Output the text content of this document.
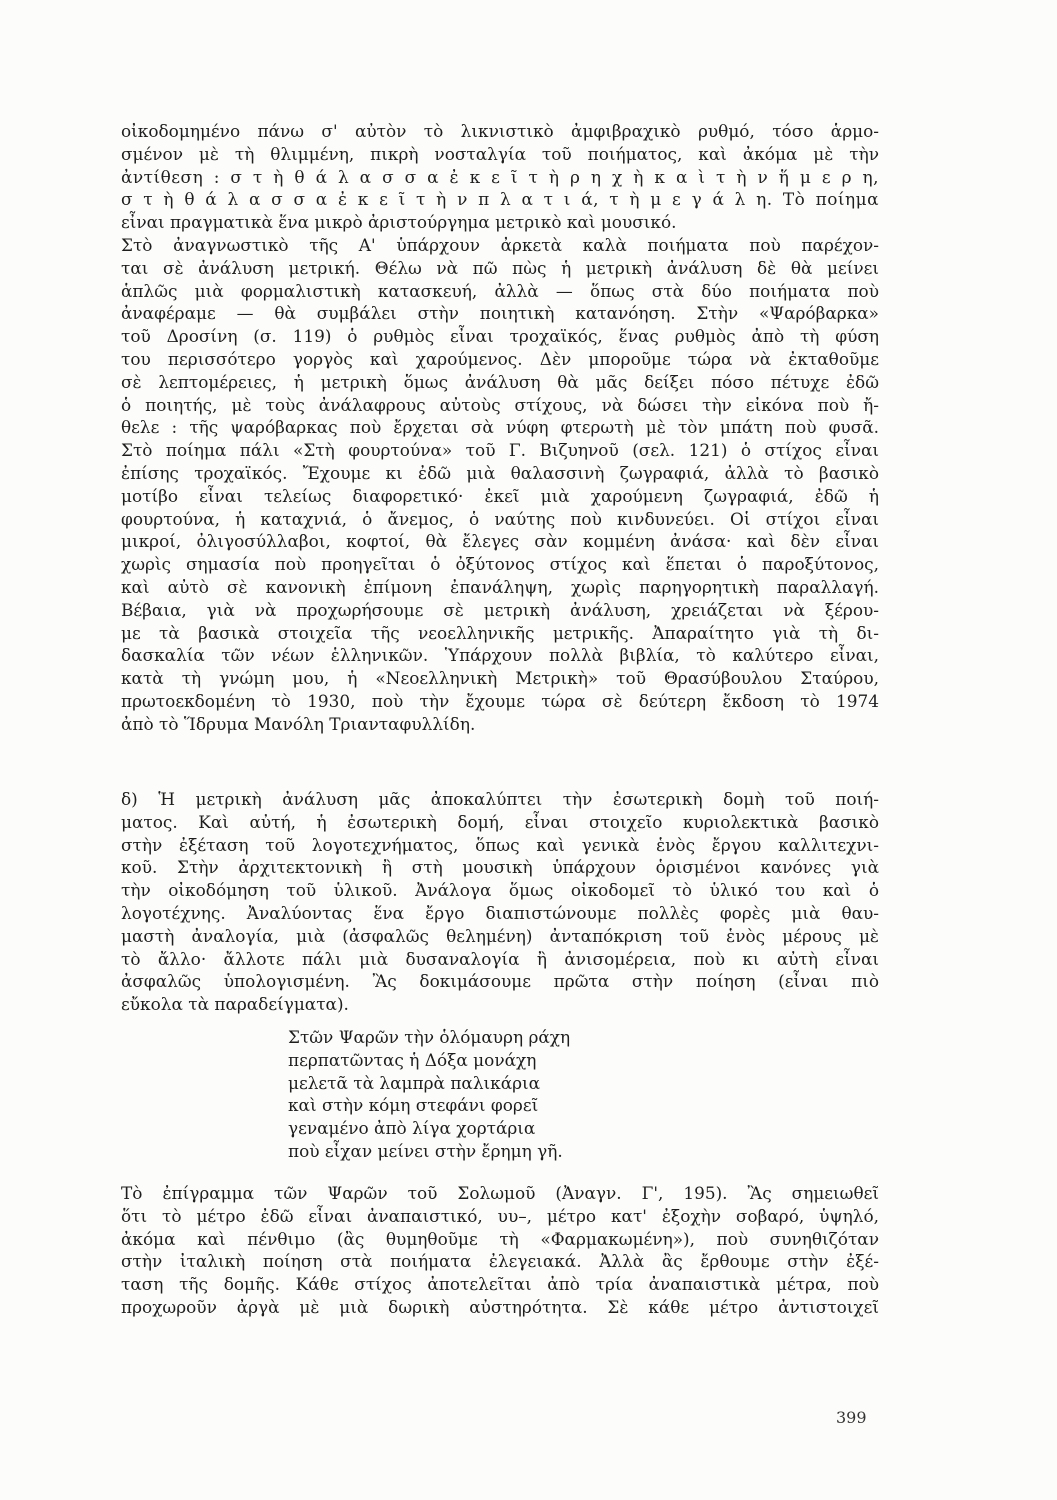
οἰκοδομημένο πάνω σ' αὐτὸν τὸ λικνιστικὸ ἀμφιβραχικὸ ρυθμό, τόσο ἁρμο-
σμένον μὲ τὴ θλιμμένη, πικρὴ νοσταλγία τοῦ ποιήματος, καὶ ἀκόμα μὲ τὴν
ἀντίθεση : σ τ ὴ θ ά λ α σ σ α ἐ κ ε ῖ τ ὴ ρ η χ ὴ κ α ὶ τ ὴ ν ἥ μ ε ρ η,
σ τ ὴ θ ά λ α σ σ α ἐ κ ε ῖ τ ὴ ν π λ α τ ι ά, τ ὴ μ ε γ ά λ η. Τὸ ποίημα
εἶναι πραγματικὰ ἕνα μικρὸ ἀριστούργημα μετρικὸ καὶ μουσικό.
Στὸ ἀναγνωστικὸ τῆς Α' ὑπάρχουν ἀρκετὰ καλὰ ποιήματα ποὺ παρέχον-
ται σὲ ἀνάλυση μετρική. Θέλω νὰ πῶ πὼς ἡ μετρικὴ ἀνάλυση δὲ θὰ μείνει
ἁπλῶς μιὰ φορμαλιστικὴ κατασκευή, ἀλλὰ — ὅπως στὰ δύο ποιήματα ποὺ
ἀναφέραμε — θὰ συμβάλει στὴν ποιητικὴ κατανόηση. Στὴν «Ψαρόβαρκα»
τοῦ Δροσίνη (σ. 119) ὁ ρυθμὸς εἶναι τροχαϊκός, ἕνας ρυθμὸς ἀπὸ τὴ φύση
του περισσότερο γοργὸς καὶ χαρούμενος. Δὲν μποροῦμε τώρα νὰ ἐκταθοῦμε
σὲ λεπτομέρειες, ἡ μετρικὴ ὅμως ἀνάλυση θὰ μᾶς δείξει πόσο πέτυχε ἐδῶ
ὁ ποιητής, μὲ τοὺς ἀνάλαφρους αὐτοὺς στίχους, νὰ δώσει τὴν εἰκόνα ποὺ ἤ-
θελε : τῆς ψαρόβαρκας ποὺ ἔρχεται σὰ νύφη φτερωτὴ μὲ τὸν μπάτη ποὺ φυσᾶ.
Στὸ ποίημα πάλι «Στὴ φουρτούνα» τοῦ Γ. Βιζυηνοῦ (σελ. 121) ὁ στίχος εἶναι
ἐπίσης τροχαϊκός. Ἔχουμε κι ἐδῶ μιὰ θαλασσινὴ ζωγραφιά, ἀλλὰ τὸ βασικὸ
μοτίβο εἶναι τελείως διαφορετικό· ἐκεῖ μιὰ χαρούμενη ζωγραφιά, ἐδῶ ἡ
φουρτούνα, ἡ καταχνιά, ὁ ἄνεμος, ὁ ναύτης ποὺ κινδυνεύει. Οἱ στίχοι εἶναι
μικροί, ὀλιγοσύλλαβοι, κοφτοί, θὰ ἔλεγες σὰν κομμένη ἀνάσα· καὶ δὲν εἶναι
χωρὶς σημασία ποὺ προηγεῖται ὁ ὀξύτονος στίχος καὶ ἕπεται ὁ παροξύτονος,
καὶ αὐτὸ σὲ κανονικὴ ἐπίμονη ἐπανάληψη, χωρὶς παρηγορητικὴ παραλλαγή.
Βέβαια, γιὰ νὰ προχωρήσουμε σὲ μετρικὴ ἀνάλυση, χρειάζεται νὰ ξέρου-
με τὰ βασικὰ στοιχεῖα τῆς νεοελληνικῆς μετρικῆς. Ἀπαραίτητο γιὰ τὴ δι-
δασκαλία τῶν νέων ἑλληνικῶν. Ὑπάρχουν πολλὰ βιβλία, τὸ καλύτερο εἶναι,
κατὰ τὴ γνώμη μου, ἡ «Νεοελληνικὴ Μετρικὴ» τοῦ Θρασύβουλου Σταύρου,
πρωτοεκδομένη τὸ 1930, ποὺ τὴν ἔχουμε τώρα σὲ δεύτερη ἔκδοση τὸ 1974
ἀπὸ τὸ Ἵδρυμα Μανόλη Τριανταφυλλίδη.
δ) Ἡ μετρικὴ ἀνάλυση μᾶς ἀποκαλύπτει τὴν ἐσωτερικὴ δομὴ τοῦ ποιή-
ματος. Καὶ αὐτή, ἡ ἐσωτερικὴ δομή, εἶναι στοιχεῖο κυριολεκτικὰ βασικὸ
στὴν ἐξέταση τοῦ λογοτεχνήματος, ὅπως καὶ γενικὰ ἑνὸς ἔργου καλλιτεχνι-
κοῦ. Στὴν ἀρχιτεκτονικὴ ἢ στὴ μουσικὴ ὑπάρχουν ὁρισμένοι κανόνες γιὰ
τὴν οἰκοδόμηση τοῦ ὑλικοῦ. Ἀνάλογα ὅμως οἰκοδομεῖ τὸ ὑλικό του καὶ ὁ
λογοτέχνης. Ἀναλύοντας ἕνα ἔργο διαπιστώνουμε πολλὲς φορὲς μιὰ θαυ-
μαστὴ ἀναλογία, μιὰ (ἀσφαλῶς θελημένη) ἀνταπόκριση τοῦ ἑνὸς μέρους μὲ
τὸ ἄλλο· ἄλλοτε πάλι μιὰ δυσαναλογία ἢ ἀνισομέρεια, ποὺ κι αὐτὴ εἶναι
ἀσφαλῶς ὑπολογισμένη. Ἂς δοκιμάσουμε πρῶτα στὴν ποίηση (εἶναι πιὸ
εὔκολα τὰ παραδείγματα).
Στῶν Ψαρῶν τὴν ὁλόμαυρη ράχη
περπατῶντας ἡ Δόξα μονάχη
μελετᾶ τὰ λαμπρὰ παλικάρια
καὶ στὴν κόμη στεφάνι φορεῖ
γεναμένο ἀπὸ λίγα χορτάρια
ποὺ εἶχαν μείνει στὴν ἔρημη γῆ.
Τὸ ἐπίγραμμα τῶν Ψαρῶν τοῦ Σολωμοῦ (Ἀναγν. Γ', 195). Ἂς σημειωθεῖ
ὅτι τὸ μέτρο ἐδῶ εἶναι ἀναπαιστικό, υυ–, μέτρο κατ' ἐξοχὴν σοβαρό, ὑψηλό,
ἀκόμα καὶ πένθιμο (ἂς θυμηθοῦμε τὴ «Φαρμακωμένη»), ποὺ συνηθιζόταν
στὴν ἰταλικὴ ποίηση στὰ ποιήματα ἐλεγειακά. Ἀλλὰ ἂς ἔρθουμε στὴν ἐξέ-
ταση τῆς δομῆς. Κάθε στίχος ἀποτελεῖται ἀπὸ τρία ἀναπαιστικὰ μέτρα, ποὺ
προχωροῦν ἀργὰ μὲ μιὰ δωρικὴ αὐστηρότητα. Σὲ κάθε μέτρο ἀντιστοιχεῖ
399
